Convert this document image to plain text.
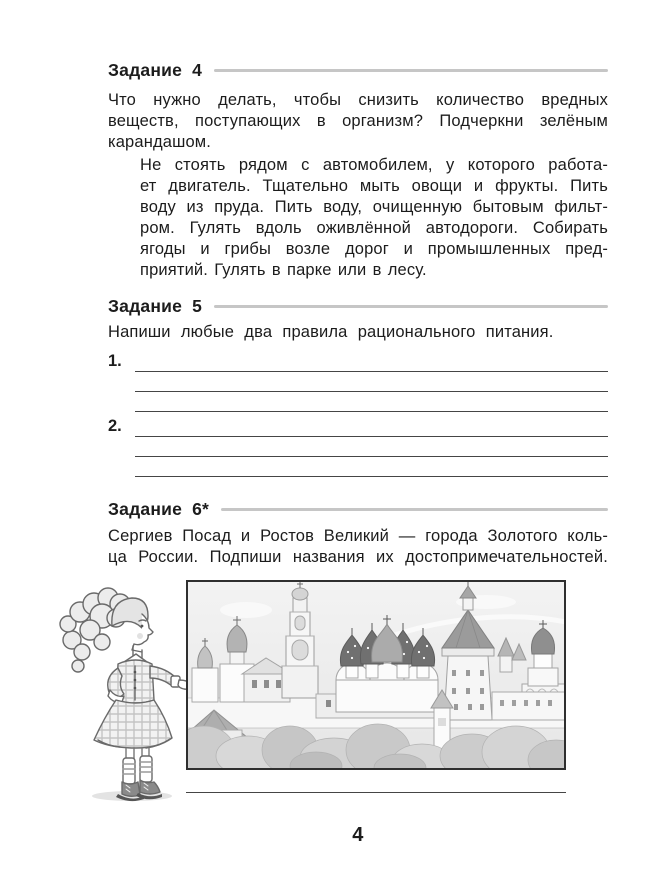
Задание  4
Что нужно делать, чтобы снизить количество вредных
веществ, поступающих в организм? Подчеркни зелёным
карандашом.
Не стоять рядом с автомобилем, у которого работа-
ет двигатель. Тщательно мыть овощи и фрукты. Пить
воду из пруда. Пить воду, очищенную бытовым фильт-
ром. Гулять вдоль оживлённой автодороги. Собирать
ягоды и грибы возле дорог и промышленных пред-
приятий. Гулять в парке или в лесу.
Задание  5
Напиши любые два правила рационального питания.
1.
2.
Задание  6*
Сергиев Посад и Ростов Великий — города Золотого коль-
ца России. Подпиши названия их достопримечательностей.
4
